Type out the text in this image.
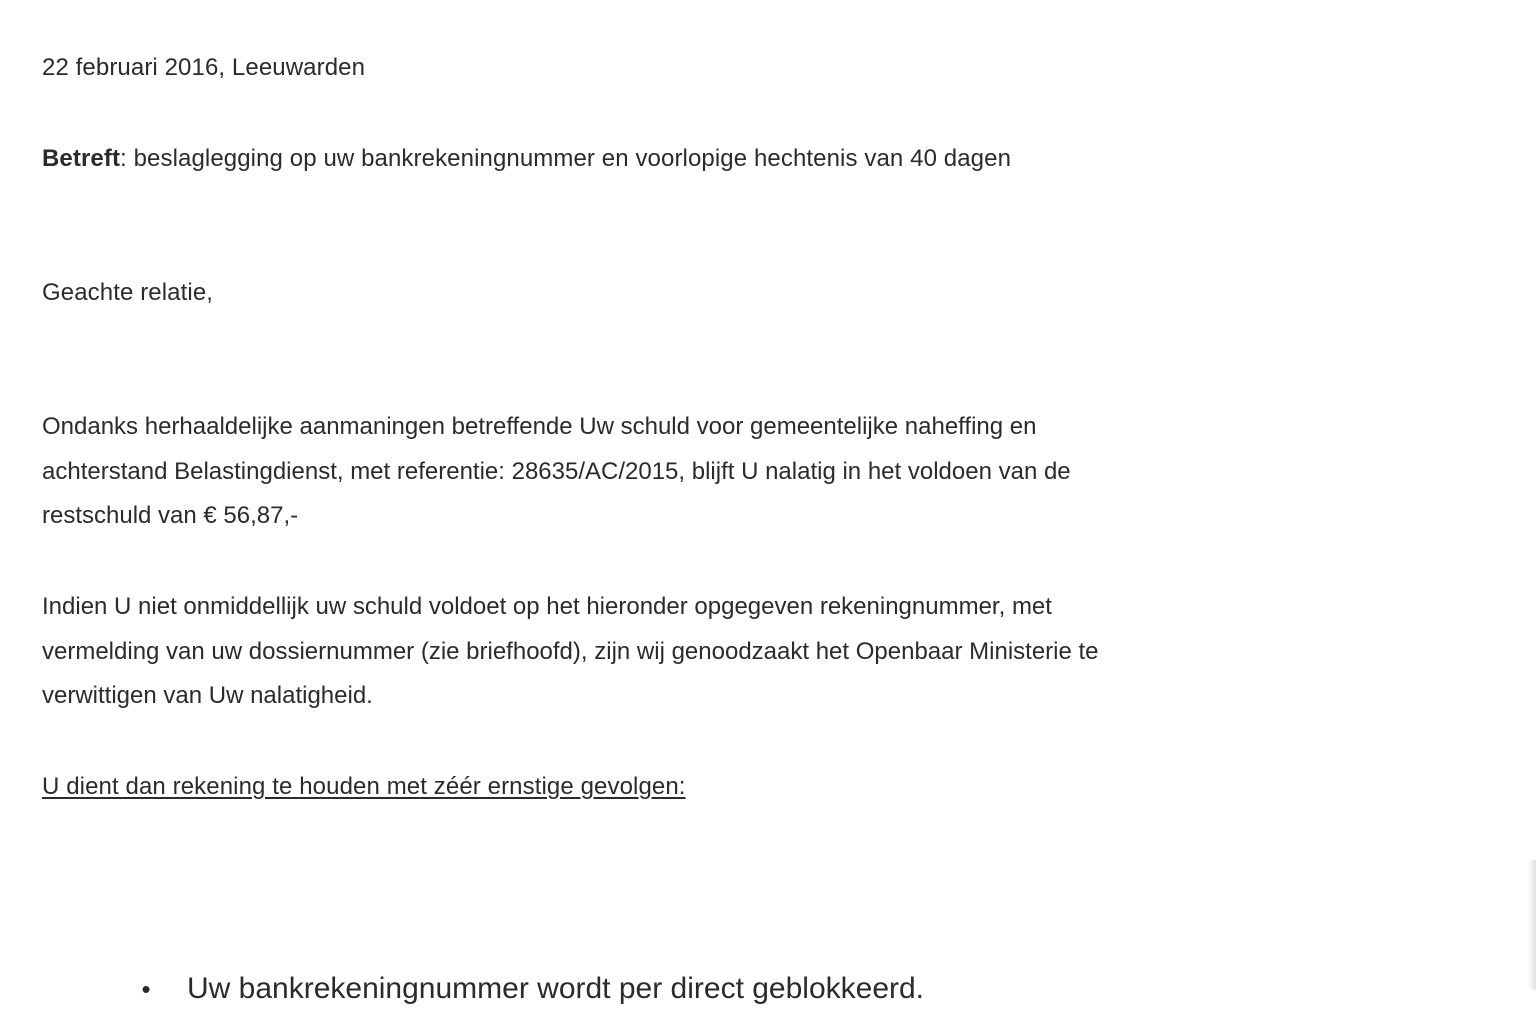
22 februari 2016, Leeuwarden
Betreft: beslaglegging op uw bankrekeningnummer en voorlopige hechtenis van 40 dagen
Geachte relatie,
Ondanks herhaaldelijke aanmaningen betreffende Uw schuld voor gemeentelijke naheffing en
achterstand Belastingdienst, met referentie: 28635/AC/2015, blijft U nalatig in het voldoen van de
restschuld van € 56,87,-
Indien U niet onmiddellijk uw schuld voldoet op het hieronder opgegeven rekeningnummer, met
vermelding van uw dossiernummer (zie briefhoofd), zijn wij genoodzaakt het Openbaar Ministerie te
verwittigen van Uw nalatigheid.
U dient dan rekening te houden met zéér ernstige gevolgen:
• Uw bankrekeningnummer wordt per direct geblokkeerd.
